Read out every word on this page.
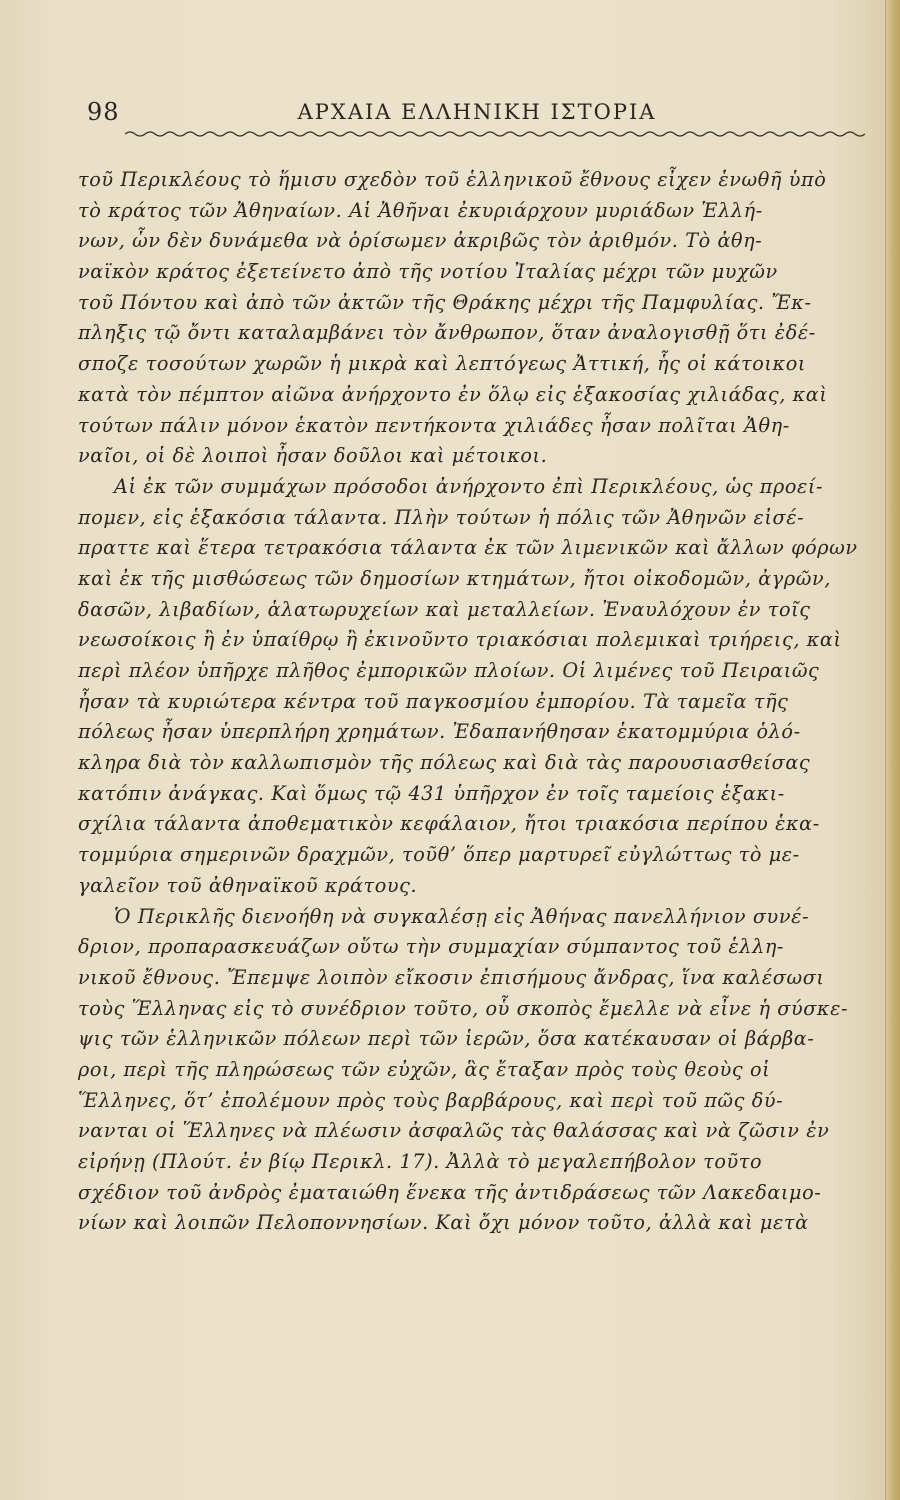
98	ΑΡΧΑΙΑ ΕΛΛΗΝΙΚΗ ΙΣΤΟΡΙΑ
τοῦ Περικλέους τὸ ἥμισυ σχεδὸν τοῦ ἑλληνικοῦ ἔθνους εἶχεν ἑνωθῆ ὑπὸ
τὸ κράτος τῶν Ἀθηναίων. Αἱ Ἀθῆναι ἐκυριάρχουν μυριάδων Ἑλλή-
νων, ὧν δὲν δυνάμεθα νὰ ὁρίσωμεν ἀκριβῶς τὸν ἀριθμόν. Τὸ ἀθη-
ναϊκὸν κράτος ἐξετείνετο ἀπὸ τῆς νοτίου Ἰταλίας μέχρι τῶν μυχῶν
τοῦ Πόντου καὶ ἀπὸ τῶν ἀκτῶν τῆς Θράκης μέχρι τῆς Παμφυλίας. Ἔκ-
πληξις τῷ ὄντι καταλαμβάνει τὸν ἄνθρωπον, ὅταν ἀναλογισθῇ ὅτι ἐδέ-
σποζε τοσούτων χωρῶν ἡ μικρὰ καὶ λεπτόγεως Ἀττική, ἧς οἱ κάτοικοι
κατὰ τὸν πέμπτον αἰῶνα ἀνήρχοντο ἐν ὅλῳ εἰς ἑξακοσίας χιλιάδας, καὶ
τούτων πάλιν μόνον ἑκατὸν πεντήκοντα χιλιάδες ἦσαν πολῖται Ἀθη-
ναῖοι, οἱ δὲ λοιποὶ ἦσαν δοῦλοι καὶ μέτοικοι.
Αἱ ἐκ τῶν συμμάχων πρόσοδοι ἀνήρχοντο ἐπὶ Περικλέους, ὡς προεί-
πομεν, εἰς ἑξακόσια τάλαντα. Πλὴν τούτων ἡ πόλις τῶν Ἀθηνῶν εἰσέ-
πραττε καὶ ἕτερα τετρακόσια τάλαντα ἐκ τῶν λιμενικῶν καὶ ἄλλων φόρων
καὶ ἐκ τῆς μισθώσεως τῶν δημοσίων κτημάτων, ἤτοι οἰκοδομῶν, ἀγρῶν,
δασῶν, λιβαδίων, ἁλατωρυχείων καὶ μεταλλείων. Ἐναυλόχουν ἐν τοῖς
νεωσοίκοις ἢ ἐν ὑπαίθρῳ ἢ ἐκινοῦντο τριακόσιαι πολεμικαὶ τριήρεις, καὶ
περὶ πλέον ὑπῆρχε πλῆθος ἐμπορικῶν πλοίων. Οἱ λιμένες τοῦ Πειραιῶς
ἦσαν τὰ κυριώτερα κέντρα τοῦ παγκοσμίου ἐμπορίου. Τὰ ταμεῖα τῆς
πόλεως ἦσαν ὑπερπλήρη χρημάτων. Ἐδαπανήθησαν ἑκατομμύρια ὁλό-
κληρα διὰ τὸν καλλωπισμὸν τῆς πόλεως καὶ διὰ τὰς παρουσιασθείσας
κατόπιν ἀνάγκας. Καὶ ὅμως τῷ 431 ὑπῆρχον ἐν τοῖς ταμείοις ἑξακι-
σχίλια τάλαντα ἀποθεματικὸν κεφάλαιον, ἤτοι τριακόσια περίπου ἑκα-
τομμύρια σημερινῶν δραχμῶν, τοῦθ’ ὅπερ μαρτυρεῖ εὐγλώττως τὸ με-
γαλεῖον τοῦ ἀθηναϊκοῦ κράτους.
Ὁ Περικλῆς διενοήθη νὰ συγκαλέσῃ εἰς Ἀθήνας πανελλήνιον συνέ-
δριον, προπαρασκευάζων οὕτω τὴν συμμαχίαν σύμπαντος τοῦ ἑλλη-
νικοῦ ἔθνους. Ἔπεμψε λοιπὸν εἴκοσιν ἐπισήμους ἄνδρας, ἵνα καλέσωσι
τοὺς Ἕλληνας εἰς τὸ συνέδριον τοῦτο, οὗ σκοπὸς ἔμελλε νὰ εἶνε ἡ σύσκε-
ψις τῶν ἑλληνικῶν πόλεων περὶ τῶν ἱερῶν, ὅσα κατέκαυσαν οἱ βάρβα-
ροι, περὶ τῆς πληρώσεως τῶν εὐχῶν, ἃς ἔταξαν πρὸς τοὺς θεοὺς οἱ
Ἕλληνες, ὅτ’ ἐπολέμουν πρὸς τοὺς βαρβάρους, καὶ περὶ τοῦ πῶς δύ-
νανται οἱ Ἕλληνες νὰ πλέωσιν ἀσφαλῶς τὰς θαλάσσας καὶ νὰ ζῶσιν ἐν
εἰρήνῃ (Πλούτ. ἐν βίῳ Περικλ. 17). Ἀλλὰ τὸ μεγαλεπήβολον τοῦτο
σχέδιον τοῦ ἀνδρὸς ἐματαιώθη ἕνεκα τῆς ἀντιδράσεως τῶν Λακεδαιμο-
νίων καὶ λοιπῶν Πελοποννησίων. Καὶ ὄχι μόνον τοῦτο, ἀλλὰ καὶ μετὰ
